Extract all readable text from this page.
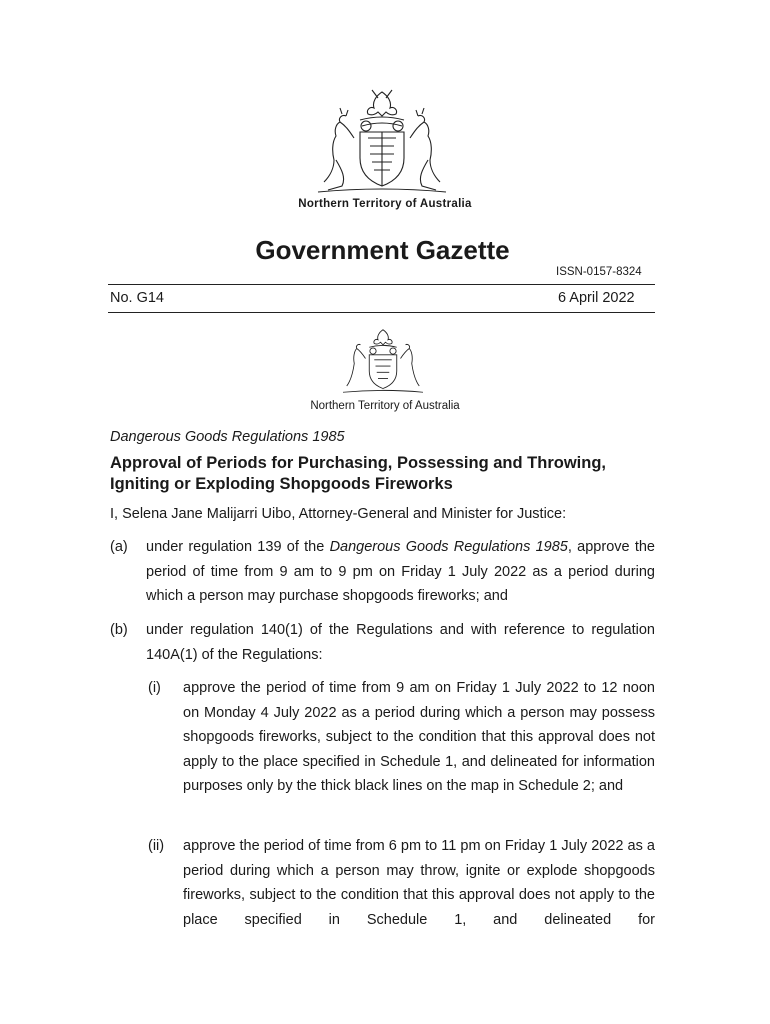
Northern Territory of Australia
Government Gazette
ISSN-0157-8324
No. G14	6 April 2022
Northern Territory of Australia
Dangerous Goods Regulations 1985
Approval of Periods for Purchasing, Possessing and Throwing,
Igniting or Exploding Shopgoods Fireworks
I, Selena Jane Malijarri Uibo, Attorney-General and Minister for Justice:
(a) under regulation 139 of the Dangerous Goods Regulations 1985, approve the period of time from 9 am to 9 pm on Friday 1 July 2022 as a period during which a person may purchase shopgoods fireworks; and
(b) under regulation 140(1) of the Regulations and with reference to regulation 140A(1) of the Regulations:
(i) approve the period of time from 9 am on Friday 1 July 2022 to 12 noon on Monday 4 July 2022 as a period during which a person may possess shopgoods fireworks, subject to the condition that this approval does not apply to the place specified in Schedule 1, and delineated for information purposes only by the thick black lines on the map in Schedule 2; and
(ii) approve the period of time from 6 pm to 11 pm on Friday 1 July 2022 as a period during which a person may throw, ignite or explode shopgoods fireworks, subject to the condition that this approval does not apply to the place specified in Schedule 1, and delineated for
